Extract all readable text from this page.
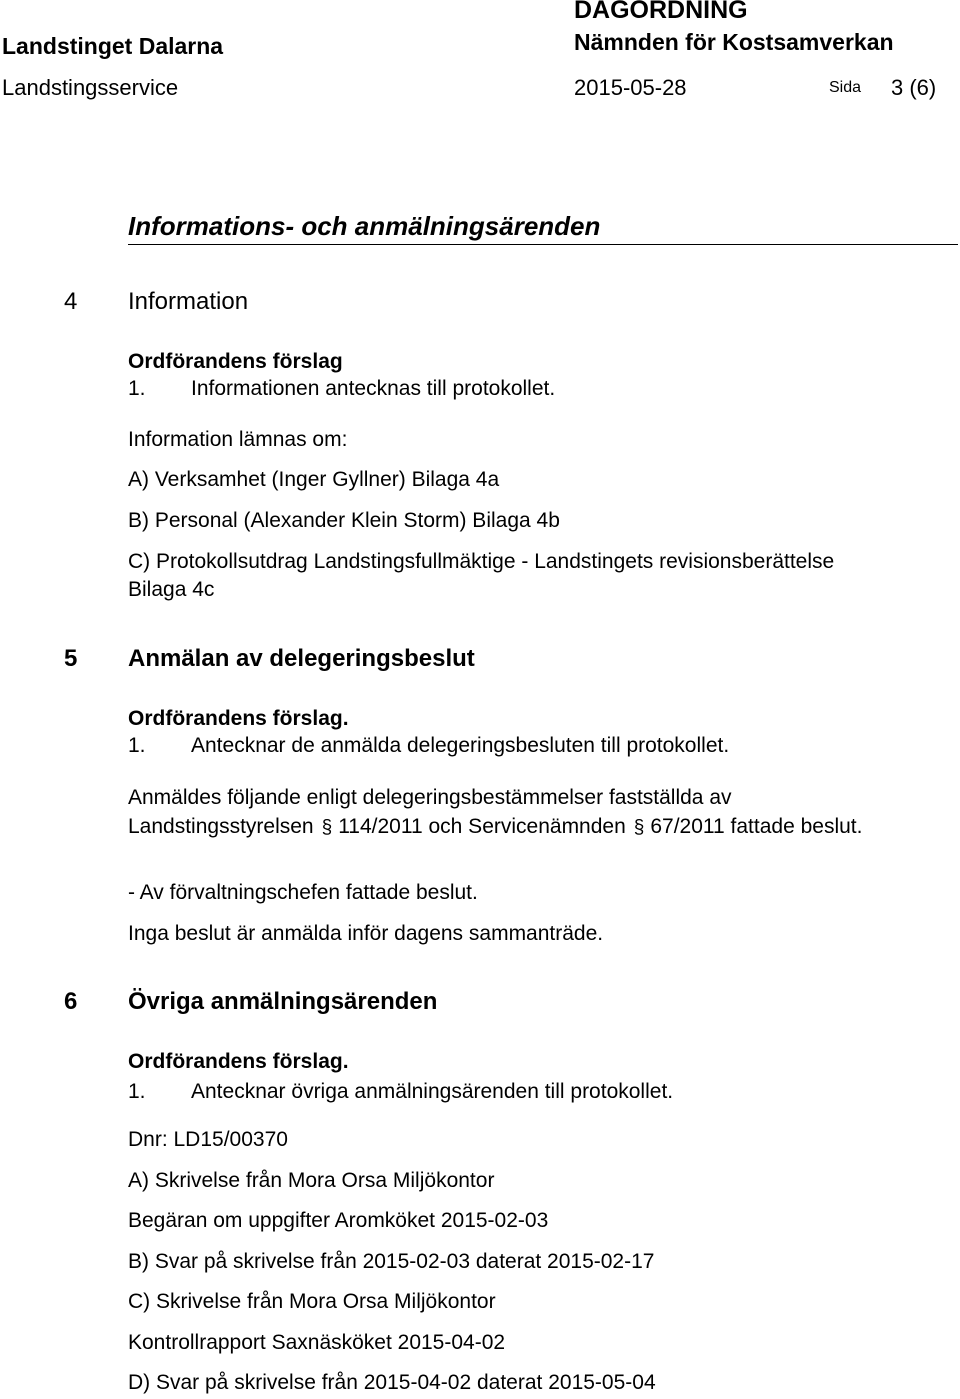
Landstinget Dalarna
DAGORDNING
Nämnden för Kostsamverkan
Landstingsservice	2015-05-28	Sida 3 (6)
Informations- och anmälningsärenden
4 Information
Ordförandens förslag
1. Informationen antecknas till protokollet.
Information lämnas om:
A) Verksamhet (Inger Gyllner) Bilaga 4a
B) Personal (Alexander Klein Storm) Bilaga 4b
C) Protokollsutdrag Landstingsfullmäktige - Landstingets revisionsberättelse
Bilaga 4c
5 Anmälan av delegeringsbeslut
Ordförandens förslag.
1. Antecknar de anmälda delegeringsbesluten till protokollet.
Anmäldes följande enligt delegeringsbestämmelser fastställda av Landstingsstyrelsen § 114/2011 och Servicenämnden § 67/2011 fattade beslut.
- Av förvaltningschefen fattade beslut.
Inga beslut är anmälda inför dagens sammanträde.
6 Övriga anmälningsärenden
Ordförandens förslag.
1. Antecknar övriga anmälningsärenden till protokollet.
Dnr: LD15/00370
A) Skrivelse från Mora Orsa Miljökontor
Begäran om uppgifter Aromköket 2015-02-03
B) Svar på skrivelse från 2015-02-03 daterat 2015-02-17
C) Skrivelse från Mora Orsa Miljökontor
Kontrollrapport Saxnäsköket 2015-04-02
D) Svar på skrivelse från 2015-04-02 daterat 2015-05-04
